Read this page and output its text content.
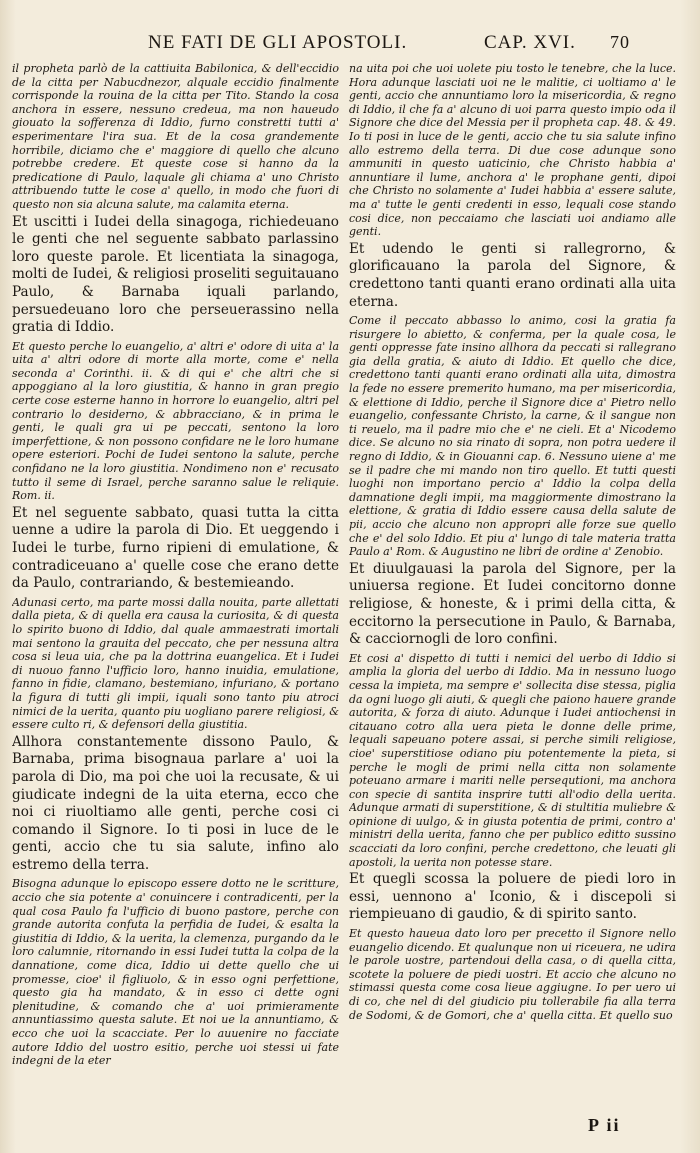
NE FATI DE GLI APOSTOLI.	CAP. XVI. 70

il propheta parlò de la cattiuita Babilonica, & dell'eccidio de la citta per Nabucdnezor, alquale eccidio finalmente corrisponde la rouina de la citta per Tito. Stando la cosa anchora in essere, nessuno credeua, ma non haueudo giouato la sofferenza di Iddio, furno constretti tutti a' esperimentare l'ira sua. Et de la cosa grandemente horribile, diciamo che e' maggiore di quello che alcuno potrebbe credere. Et queste cose si hanno da la predicatione di Paulo, laquale gli chiama a' uno Christo attribuendo tutte le cose a' quello, in modo che fuori di questo non sia alcuna salute, ma calamita eterna.

Et uscitti i Iudei della sinagoga, richiedeuano le genti che nel seguente sabbato parlassino loro queste parole. Et licentiata la sinagoga, molti de Iudei, & religiosi proseliti seguitauano Paulo, & Barnaba iquali parlando, persuedeuano loro che perseuerassino nella gratia di Iddio.

Et questo perche lo euangelio, a' altri e' odore di uita a' la uita a' altri odore di morte alla morte, come e' nella seconda a' Corinthi. ii. & di qui e' che altri che si appoggiano al la loro giustitia, & hanno in gran pregio certe cose esterne hanno in horrore lo euangelio, altri pel contrario lo desiderno, & abbracciano, & in prima le genti, le quali gra ui pe peccati, sentono la loro imperfettione, & non possono confidare ne le loro humane opere esteriori. Pochi de Iudei sentono la salute, perche confidano ne la loro giustitia. Nondimeno non e' recusato tutto il seme di Israel, perche saranno salue le reliquie. Rom. ii.

Et nel seguente sabbato, quasi tutta la citta uenne a udire la parola di Dio. Et ueggendo i Iudei le turbe, furno ripieni di emulatione, & contradiceuano a' quelle cose che erano dette da Paulo, contrariando, & bestemieando.

Adunasi certo, ma parte mossi dalla nouita, parte allettati dalla pieta, & di quella era causa la curiosita, & di questa lo spirito buono di Iddio, dal quale ammaestrati imortali mai sentono la grauita del peccato, che per nessuna altra cosa si leua uia, che pa la dottrina euangelica. Et i Iudei di nuouo fanno l'ufficio loro, hanno inuidia, emulatione, fanno in fidie, clamano, bestemiano, infuriano, & portano la figura di tutti gli impii, iquali sono tanto piu atroci nimici de la uerita, quanto piu uogliano parere religiosi, & essere culto ri, & defensori della giustitia.

Allhora constantemente dissono Paulo, & Barnaba, prima bisognaua parlare a' uoi la parola di Dio, ma poi che uoi la recusate, & ui giudicate indegni de la uita eterna, ecco che noi ci riuoltiamo alle genti, perche cosi ci comando il Signore. Io ti posi in luce de le genti, accio che tu sia salute, infino alo estremo della terra.

Bisogna adunque lo episcopo essere dotto ne le scritture, accio che sia potente a' conuincere i contradicenti, per la qual cosa Paulo fa l'ufficio di buono pastore, perche con grande autorita confuta la perfidia de Iudei, & esalta la giustitia di Iddio, & la uerita, la clemenza, purgando da le loro calumnie, ritornando in essi Iudei tutta la colpa de la dannatione, come dica, Iddio ui dette quello che ui promesse, cioe' il figliuolo, & in esso ogni perfettione, questo gia ha mandato, & in esso ci dette ogni plenitudine, & comando che a' uoi primieramente annuntiassimo questa salute. Et noi ue la annuntiamo, & ecco che uoi la scacciate. Per lo auuenire no facciate autore Iddio del uostro esitio, perche uoi stessi ui fate indegni de la eter

na uita poi che uoi uolete piu tosto le tenebre, che la luce. Hora adunque lasciati uoi ne le malitie, ci uoltiamo a' le genti, accio che annuntiamo loro la misericordia, & regno di Iddio, il che fa a' alcuno di uoi parra questo impio oda il Signore che dice del Messia per il propheta cap. 48. & 49. Io ti posi in luce de le genti, accio che tu sia salute infino allo estremo della terra. Di due cose adunque sono ammuniti in questo uaticinio, che Christo habbia a' annuntiare il lume, anchora a' le prophane genti, dipoi che Christo no solamente a' Iudei habbia a' essere salute, ma a' tutte le genti credenti in esso, lequali cose stando cosi dice, non peccaiamo che lasciati uoi andiamo alle genti.

Et udendo le genti si rallegrorno, & glorificauano la parola del Signore, & credettono tanti quanti erano ordinati alla uita eterna.

Come il peccato abbasso lo animo, cosi la gratia fa risurgere lo abietto, & conferma, per la quale cosa, le genti oppresse fate insino allhora da peccati si rallegrano gia della gratia, & aiuto di Iddio. Et quello che dice, credettono tanti quanti erano ordinati alla uita, dimostra la fede no essere premerito humano, ma per misericordia, & elettione di Iddio, perche il Signore dice a' Pietro nello euangelio, confessante Christo, la carne, & il sangue non ti reuelo, ma il padre mio che e' ne cieli. Et a' Nicodemo dice. Se alcuno no sia rinato di sopra, non potra uedere il regno di Iddio, & in Giouanni cap. 6. Nessuno uiene a' me se il padre che mi mando non tiro quello. Et tutti questi luoghi non importano percio a' Iddio la colpa della damnatione degli impii, ma maggiormente dimostrano la elettione, & gratia di Iddio essere causa della salute de pii, accio che alcuno non appropri alle forze sue quello che e' del solo Iddio. Et piu a' lungo di tale materia tratta Paulo a' Rom. & Augustino ne libri de ordine a' Zenobio.

Et diuulgauasi la parola del Signore, per la uniuersa regione. Et Iudei concitorno donne religiose, & honeste, & i primi della citta, & eccitorno la persecutione in Paulo, & Barnaba, & cacciornogli de loro confini.

Et cosi a' dispetto di tutti i nemici del uerbo di Iddio si amplia la gloria del uerbo di Iddio. Ma in nessuno luogo cessa la impieta, ma sempre e' sollecita dise stessa, piglia da ogni luogo gli aiuti, & quegli che paiono hauere grande autorita, & forza di aiuto. Adunque i Iudei antiochensi in citauano cotro alla uera pieta le donne delle prime, lequali sapeuano potere assai, si perche simili religiose, cioe' superstitiose odiano piu potentemente la pieta, si perche le mogli de primi nella citta non solamente poteuano armare i mariti nelle persequtioni, ma anchora con specie di santita insprire tutti all'odio della uerita. Adunque armati di superstitione, & di stultitia muliebre & opinione di uulgo, & in giusta potentia de primi, contro a' ministri della uerita, fanno che per publico editto sussino scacciati da loro confini, perche credettono, che leuati gli apostoli, la uerita non potesse stare.

Et quegli scossa la poluere de piedi loro in essi, uennono a' Iconio, & i discepoli si riempieuano di gaudio, & di spirito santo.

Et questo haueua dato loro per precetto il Signore nello euangelio dicendo. Et qualunque non ui riceuera, ne udira le parole uostre, partendoui della casa, o di quella citta, scotete la poluere de piedi uostri. Et accio che alcuno no stimassi questa come cosa lieue aggiugne. Io per uero ui di co, che nel di del giudicio piu tollerabile fia alla terra de Sodomi, & de Gomori, che a' quella citta. Et quello suo

P ii
